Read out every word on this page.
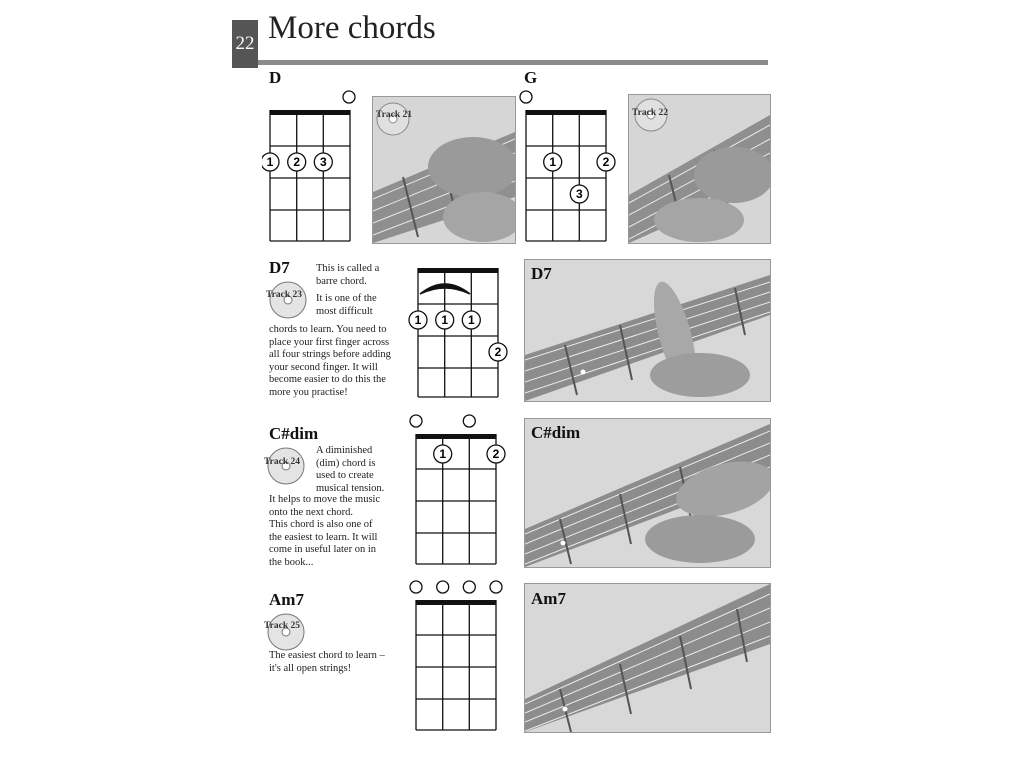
22 More chords
D
1 2 3
Track 21
G
1	2
3
Track 22
D7
Track 23
This is called a
barre chord.
It is one of the
most difficult
chords to learn. You need to
place your first finger across
all four strings before adding
your second finger. It will
become easier to do this the
more you practise!
1 1 1
2
D7
C#dim
Track 24
A diminished
(dim) chord is
used to create
musical tension.
It helps to move the music
onto the next chord.
This chord is also one of
the easiest to learn. It will
come in useful later on in
the book...
1	2
C#dim
Am7
Track 25
The easiest chord to learn –
it's all open strings!
Am7
